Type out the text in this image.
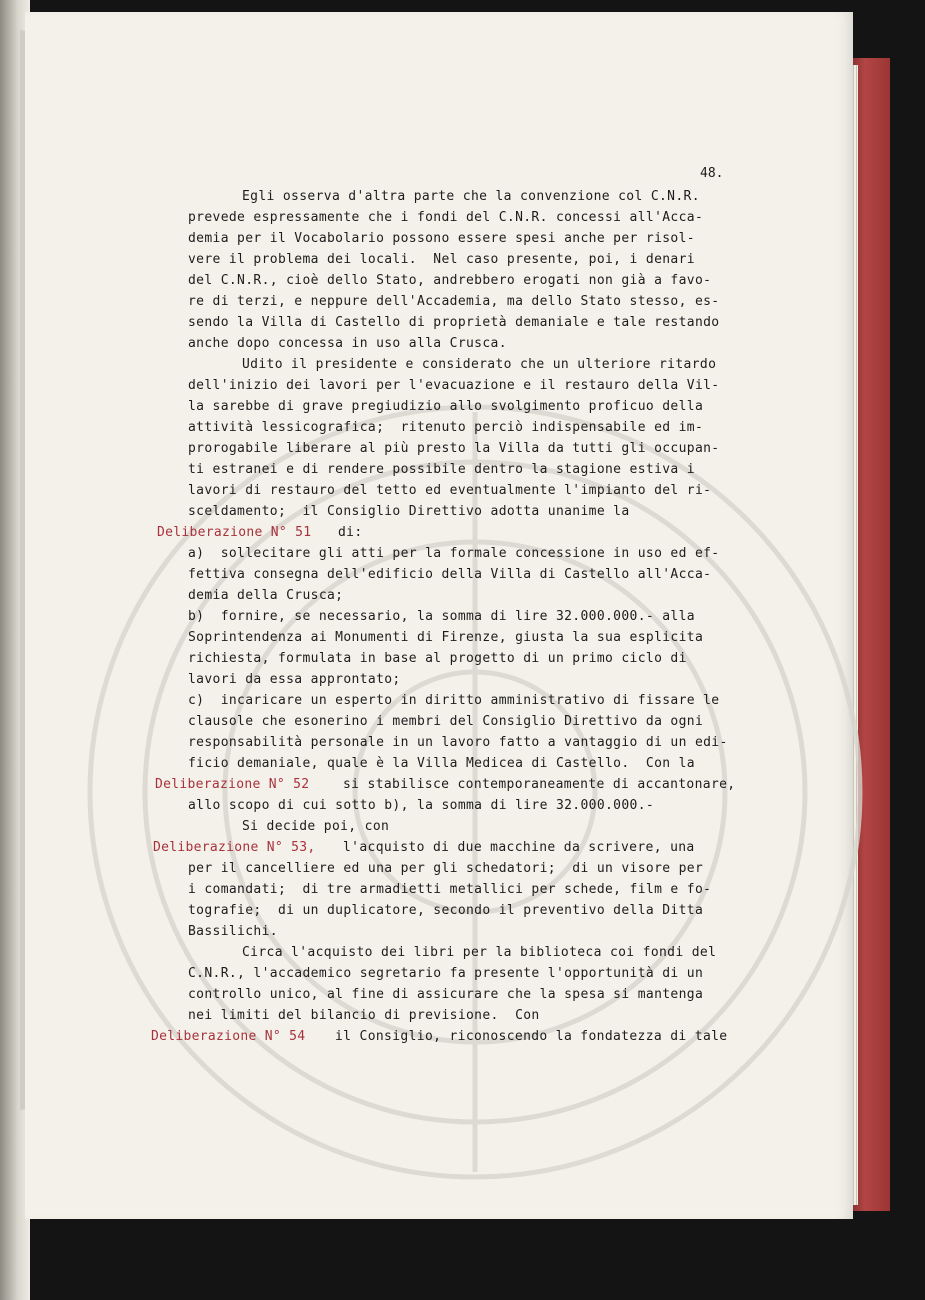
48.
Egli osserva d'altra parte che la convenzione col C.N.R.
prevede espressamente che i fondi del C.N.R. concessi all'Acca-
demia per il Vocabolario possono essere spesi anche per risol-
vere il problema dei locali.  Nel caso presente, poi, i denari
del C.N.R., cioè dello Stato, andrebbero erogati non già a favo-
re di terzi, e neppure dell'Accademia, ma dello Stato stesso, es-
sendo la Villa di Castello di proprietà demaniale e tale restando
anche dopo concessa in uso alla Crusca.
Udito il presidente e considerato che un ulteriore ritardo
dell'inizio dei lavori per l'evacuazione e il restauro della Vil-
la sarebbe di grave pregiudizio allo svolgimento proficuo della
attività lessicografica;  ritenuto perciò indispensabile ed im-
prorogabile liberare al più presto la Villa da tutti gli occupan-
ti estranei e di rendere possibile dentro la stagione estiva i
lavori di restauro del tetto ed eventualmente l'impianto del ri-
sceldamento;  il Consiglio Direttivo adotta unanime la
Deliberazione N° 51 di:
a)  sollecitare gli atti per la formale concessione in uso ed ef-
fettiva consegna dell'edificio della Villa di Castello all'Acca-
demia della Crusca;
b)  fornire, se necessario, la somma di lire 32.000.000.- alla
Soprintendenza ai Monumenti di Firenze, giusta la sua esplicita
richiesta, formulata in base al progetto di un primo ciclo di
lavori da essa approntato;
c)  incaricare un esperto in diritto amministrativo di fissare le
clausole che esonerino i membri del Consiglio Direttivo da ogni
responsabilità personale in un lavoro fatto a vantaggio di un edi-
ficio demaniale, quale è la Villa Medicea di Castello.  Con la
Deliberazione N° 52	si stabilisce contemporaneamente di accantonare,
allo scopo di cui sotto b), la somma di lire 32.000.000.-
Si decide poi, con
Deliberazione N° 53, l'acquisto di due macchine da scrivere, una
per il cancelliere ed una per gli schedatori;  di un visore per
i comandati;  di tre armadietti metallici per schede, film e fo-
tografie;  di un duplicatore, secondo il preventivo della Ditta
Bassilichi.
Circa l'acquisto dei libri per la biblioteca coi fondi del
C.N.R., l'accademico segretario fa presente l'opportunità di un
controllo unico, al fine di assicurare che la spesa si mantenga
nei limiti del bilancio di previsione.  Con
Deliberazione N° 54 il Consiglio, riconoscendo la fondatezza di tale
